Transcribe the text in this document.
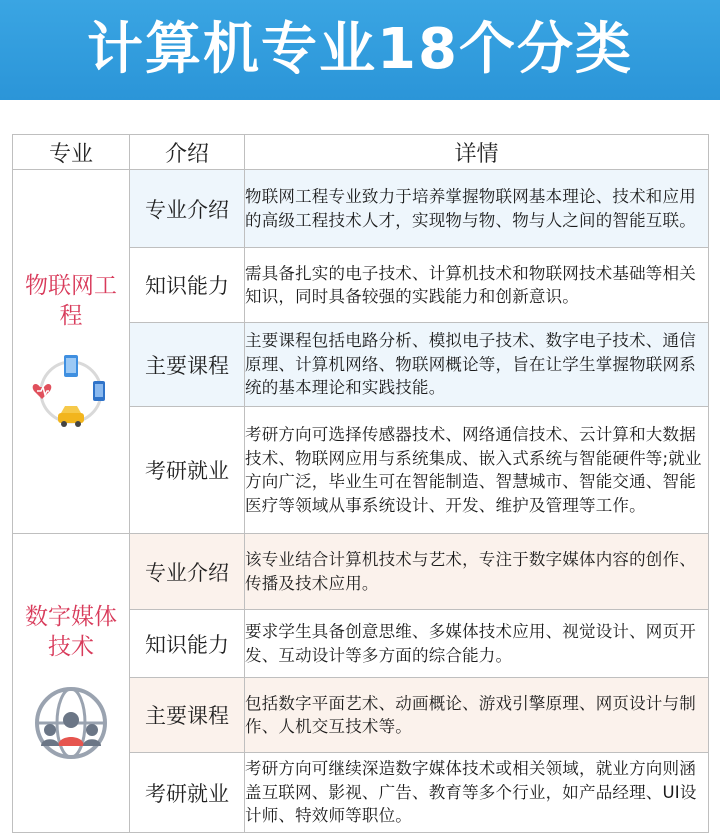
计算机专业18个分类
专业	介绍	详情

物联网工程	专业介绍	物联网工程专业致力于培养掌握物联网基本理论、技术和应用的高级工程技术人才，实现物与物、物与人之间的智能互联。
	知识能力	需具备扎实的电子技术、计算机技术和物联网技术基础等相关知识，同时具备较强的实践能力和创新意识。
	主要课程	主要课程包括电路分析、模拟电子技术、数字电子技术、通信原理、计算机网络、物联网概论等，旨在让学生掌握物联网系统的基本理论和实践技能。
	考研就业	考研方向可选择传感器技术、网络通信技术、云计算和大数据技术、物联网应用与系统集成、嵌入式系统与智能硬件等;就业方向广泛，毕业生可在智能制造、智慧城市、智能交通、智能医疗等领域从事系统设计、开发、维护及管理等工作。

数字媒体技术	专业介绍	该专业结合计算机技术与艺术，专注于数字媒体内容的创作、传播及技术应用。
	知识能力	要求学生具备创意思维、多媒体技术应用、视觉设计、网页开发、互动设计等多方面的综合能力。
	主要课程	包括数字平面艺术、动画概论、游戏引擎原理、网页设计与制作、人机交互技术等。
	考研就业	考研方向可继续深造数字媒体技术或相关领域，就业方向则涵盖互联网、影视、广告、教育等多个行业，如产品经理、UI设计师、特效师等职位。
